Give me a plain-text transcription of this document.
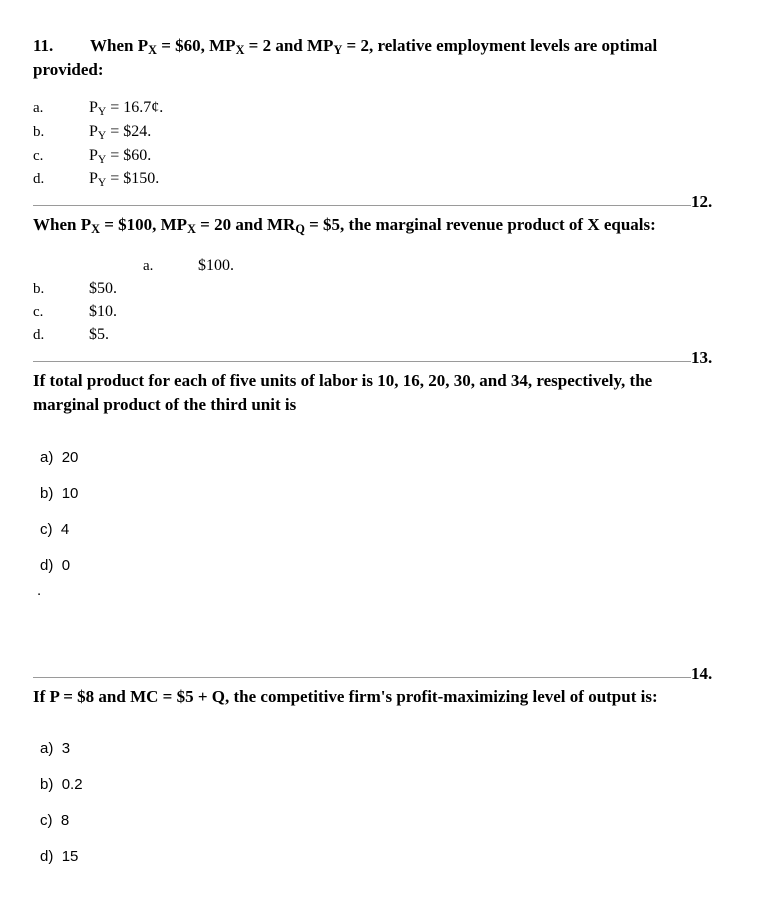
11. When $P_X$ = $60, $MP_X = 2$ and $MP_Y = 2$, relative employment levels are optimal
provided:
a.	$P_Y$ = 16.7¢.
b.	$P_Y$ = $24.
c.	$P_Y$ = $60.
d.	$P_Y$ = $150.
12.
When $P_X$ = $100, $MP_X = 20$ and $MR_Q$ = $5, the marginal revenue product of X equals:
a.	$100.
b.	$50.
c.	$10.
d.	$5.
13.
If total product for each of five units of labor is 10, 16, 20, 30, and 34, respectively, the
marginal product of the third unit is
a) 20
b) 10
c) 4
d) 0
.
14.
If P = $8 and MC = $5 + Q, the competitive firm's profit-maximizing level of output is:
a) 3
b) 0.2
c) 8
d) 15
